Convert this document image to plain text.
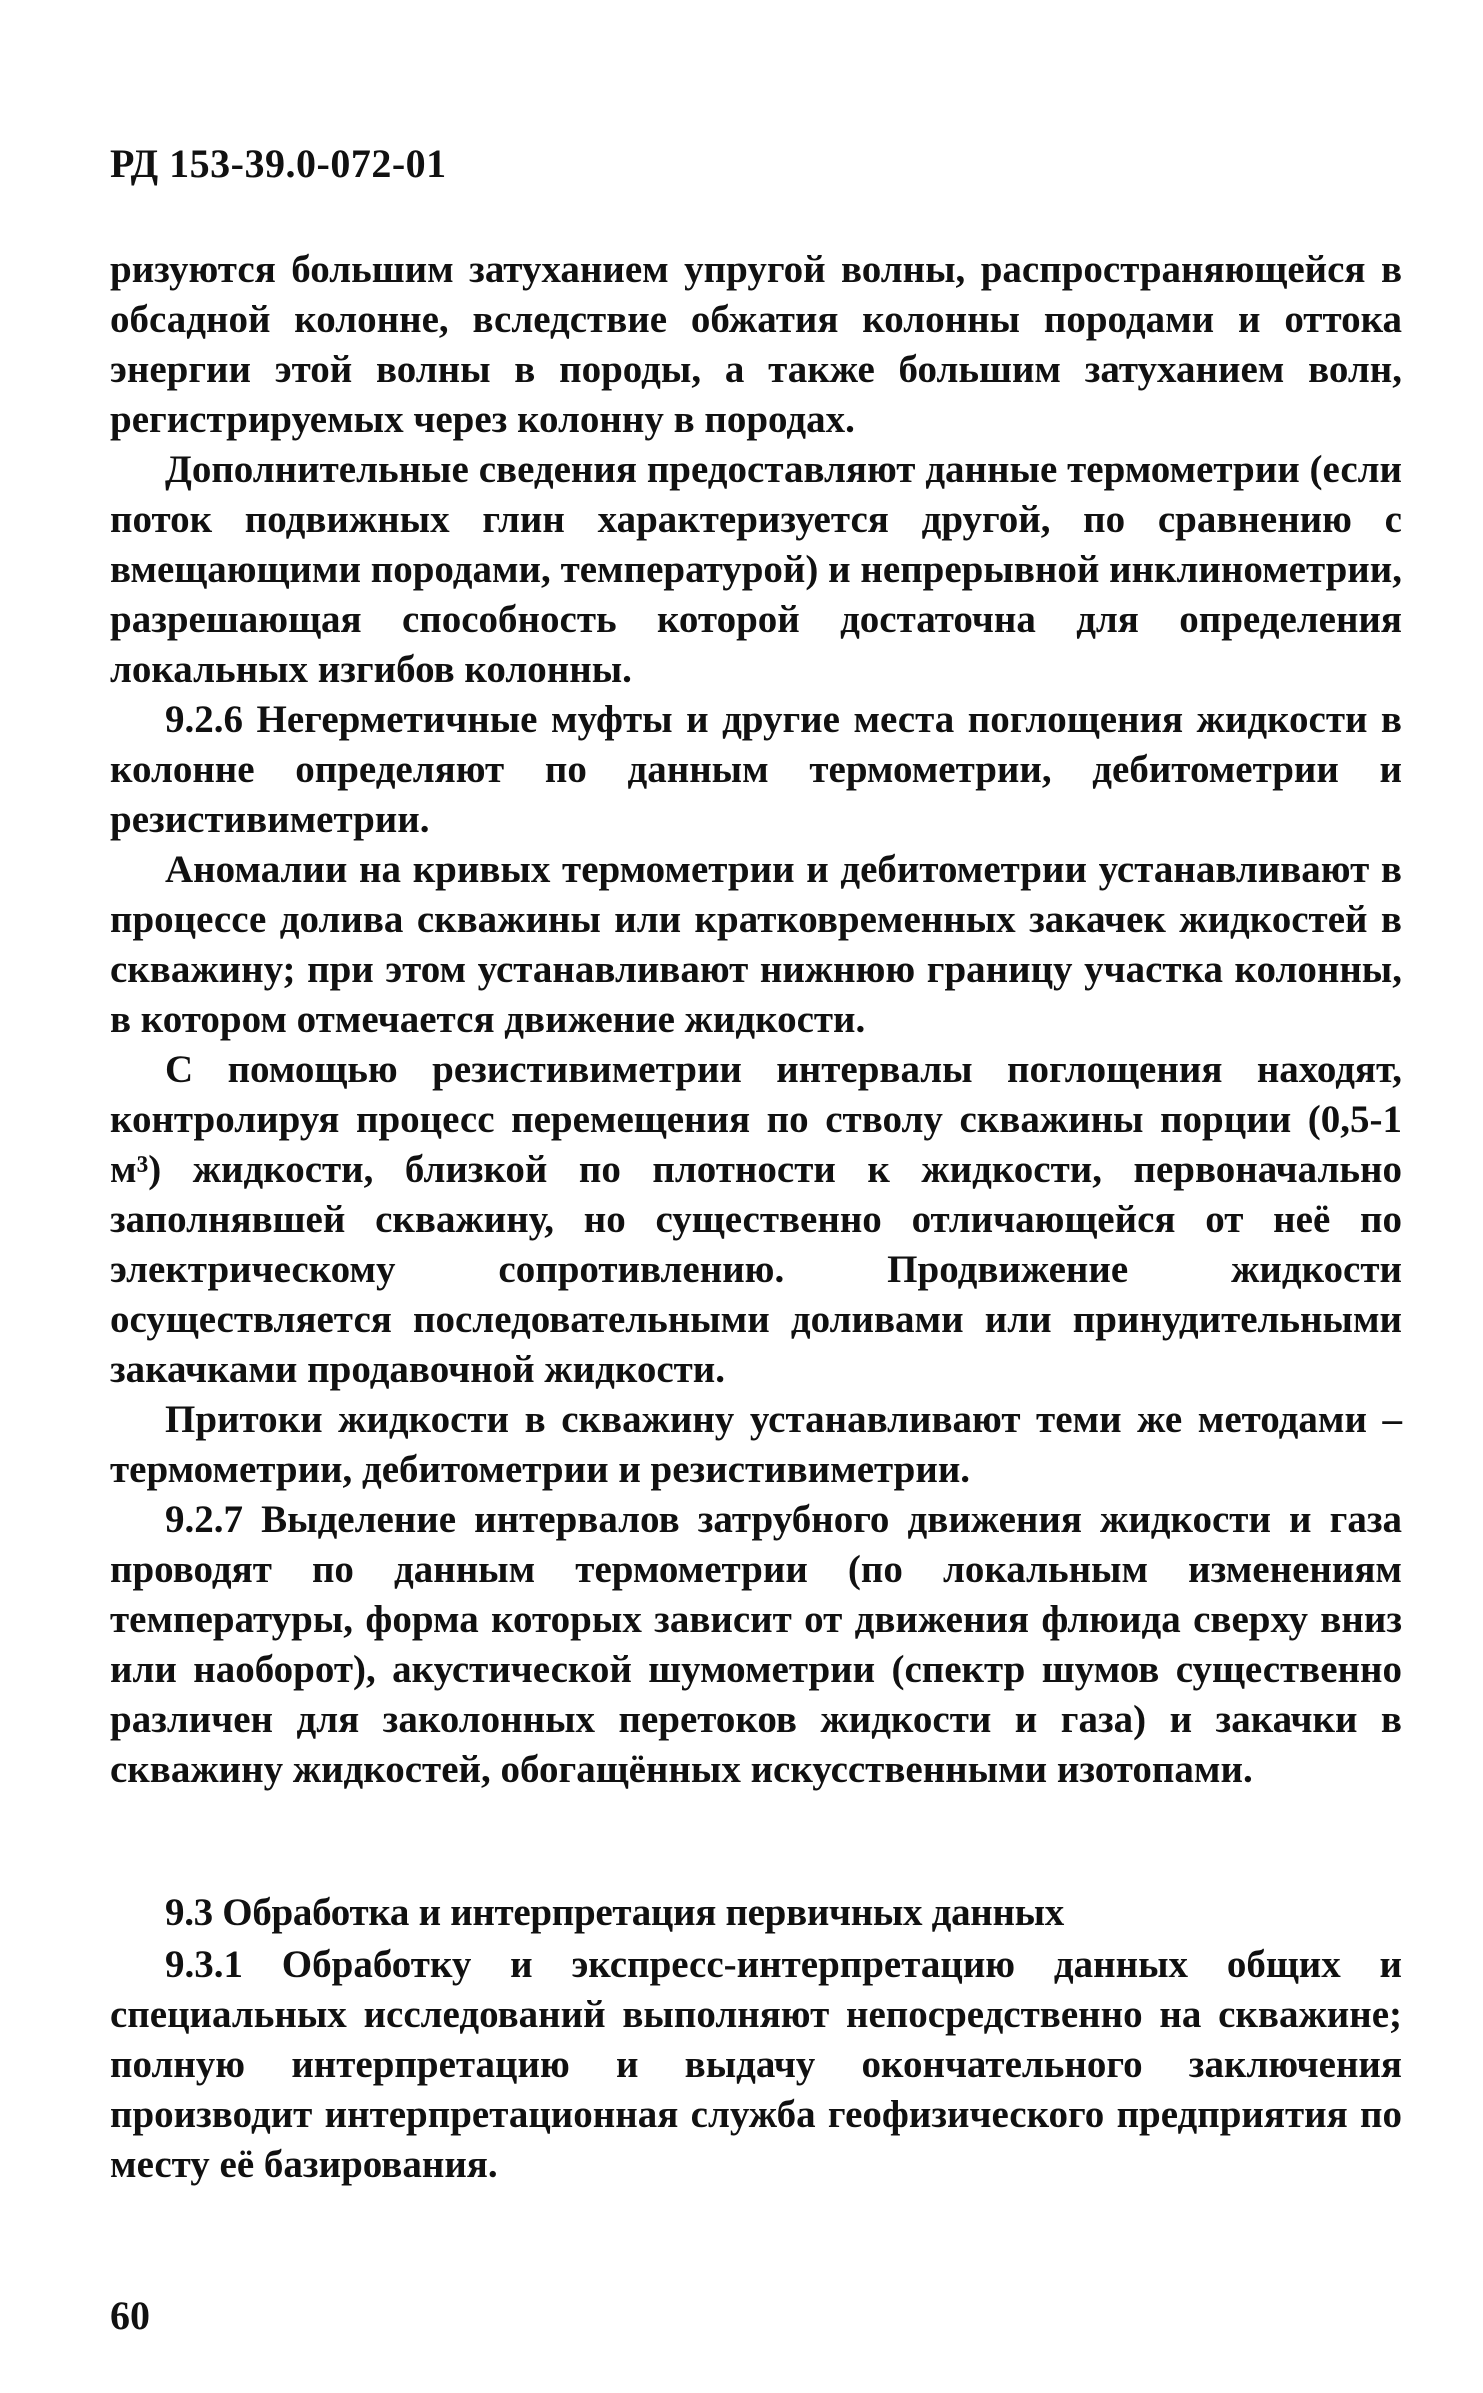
РД 153-39.0-072-01

ризуются большим затуханием упругой волны, распространяющейся в обсадной колонне, вследствие обжатия колонны породами и оттока энергии этой волны в породы, а также большим затуханием волн, регистрируемых через колонну в породах.

Дополнительные сведения предоставляют данные термометрии (если поток подвижных глин характеризуется другой, по сравнению с вмещающими породами, температурой) и непрерывной инклинометрии, разрешающая способность которой достаточна для определения локальных изгибов колонны.

9.2.6 Негерметичные муфты и другие места поглощения жидкости в колонне определяют по данным термометрии, дебитометрии и резистивиметрии.

Аномалии на кривых термометрии и дебитометрии устанавливают в процессе долива скважины или кратковременных закачек жидкостей в скважину; при этом устанавливают нижнюю границу участка колонны, в котором отмечается движение жидкости.

С помощью резистивиметрии интервалы поглощения находят, контролируя процесс перемещения по стволу скважины порции (0,5-1 м³) жидкости, близкой по плотности к жидкости, первоначально заполнявшей скважину, но существенно отличающейся от неё по электрическому сопротивлению. Продвижение жидкости осуществляется последовательными доливами или принудительными закачками продавочной жидкости.

Притоки жидкости в скважину устанавливают теми же методами – термометрии, дебитометрии и резистивиметрии.

9.2.7 Выделение интервалов затрубного движения жидкости и газа проводят по данным термометрии (по локальным изменениям температуры, форма которых зависит от движения флюида сверху вниз или наоборот), акустической шумометрии (спектр шумов существенно различен для заколонных перетоков жидкости и газа) и закачки в скважину жидкостей, обогащённых искусственными изотопами.

9.3 Обработка и интерпретация первичных данных

9.3.1 Обработку и экспресс-интерпретацию данных общих и специальных исследований выполняют непосредственно на скважине; полную интерпретацию и выдачу окончательного заключения производит интерпретационная служба геофизического предприятия по месту её базирования.

60
